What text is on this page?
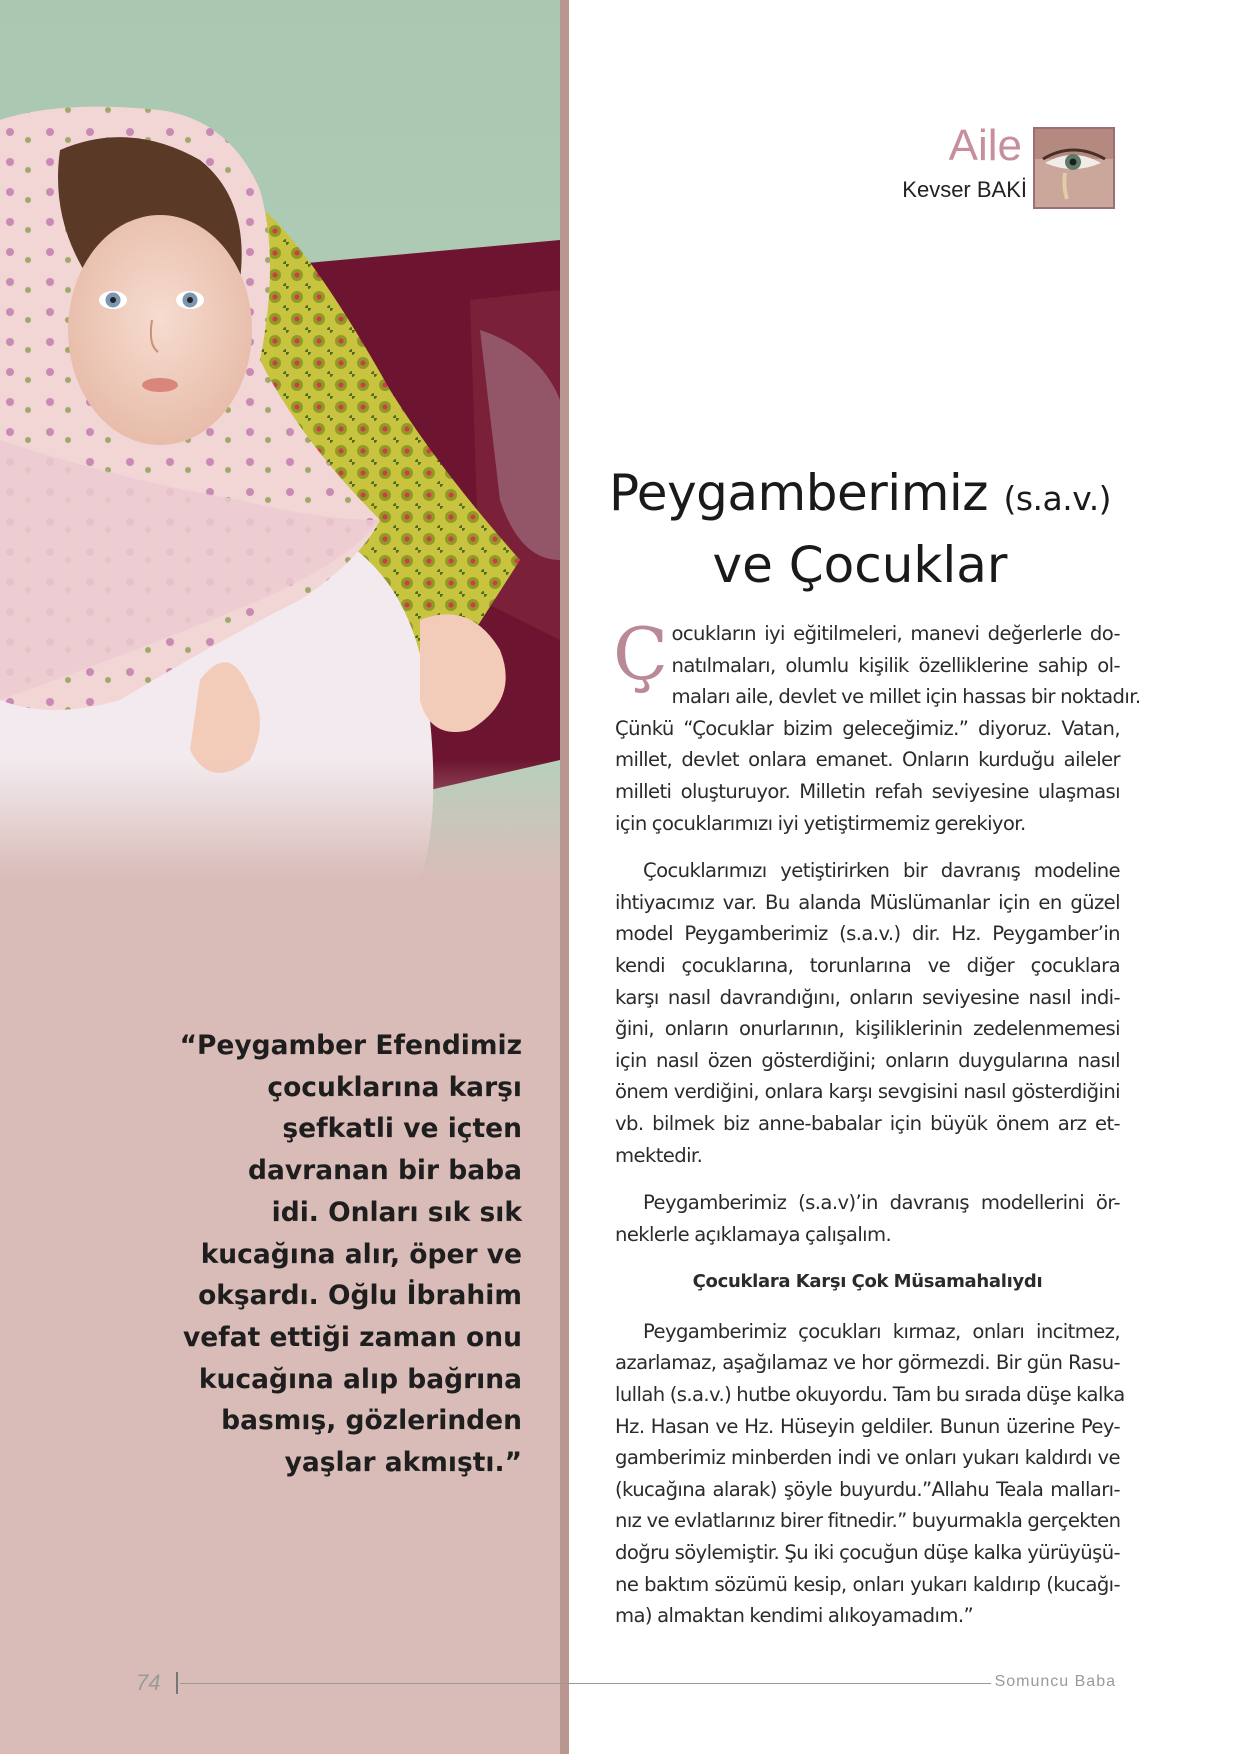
“Peygamber Efendimiz
çocuklarına karşı
şefkatli ve içten
davranan bir baba
idi. Onları sık sık
kucağına alır, öper ve
okşardı. Oğlu İbrahim
vefat ettiği zaman onu
kucağına alıp bağrına
basmış, gözlerinden
yaşlar akmıştı.”
Aile
Kevser BAKİ
Peygamberimiz (s.a.v.)
ve Çocuklar
Ç ocukların iyi eğitilmeleri, manevi değerlerle do-
natılmaları, olumlu kişilik özelliklerine sahip ol-
maları aile, devlet ve millet için hassas bir noktadır.
Çünkü “Çocuklar bizim geleceğimiz.” diyoruz. Vatan,
millet, devlet onlara emanet. Onların kurduğu aileler
milleti oluşturuyor. Milletin refah seviyesine ulaşması
için çocuklarımızı iyi yetiştirmemiz gerekiyor.
Çocuklarımızı yetiştirirken bir davranış modeline
ihtiyacımız var. Bu alanda Müslümanlar için en güzel
model Peygamberimiz (s.a.v.) dir. Hz. Peygamber’in
kendi çocuklarına, torunlarına ve diğer çocuklara
karşı nasıl davrandığını, onların seviyesine nasıl indi-
ğini, onların onurlarının, kişiliklerinin zedelenmemesi
için nasıl özen gösterdiğini; onların duygularına nasıl
önem verdiğini, onlara karşı sevgisini nasıl gösterdiğini
vb. bilmek biz anne-babalar için büyük önem arz et-
mektedir.
Peygamberimiz (s.a.v)’in davranış modellerini ör-
neklerle açıklamaya çalışalım.
Çocuklara Karşı Çok Müsamahalıydı
Peygamberimiz çocukları kırmaz, onları incitmez,
azarlamaz, aşağılamaz ve hor görmezdi. Bir gün Rasu-
lullah (s.a.v.) hutbe okuyordu. Tam bu sırada düşe kalka
Hz. Hasan ve Hz. Hüseyin geldiler. Bunun üzerine Pey-
gamberimiz minberden indi ve onları yukarı kaldırdı ve
(kucağına alarak) şöyle buyurdu.”Allahu Teala malları-
nız ve evlatlarınız birer fitnedir.” buyurmakla gerçekten
doğru söylemiştir. Şu iki çocuğun düşe kalka yürüyüşü-
ne baktım sözümü kesip, onları yukarı kaldırıp (kucağı-
ma) almaktan kendimi alıkoyamadım.”
74	Somuncu Baba
